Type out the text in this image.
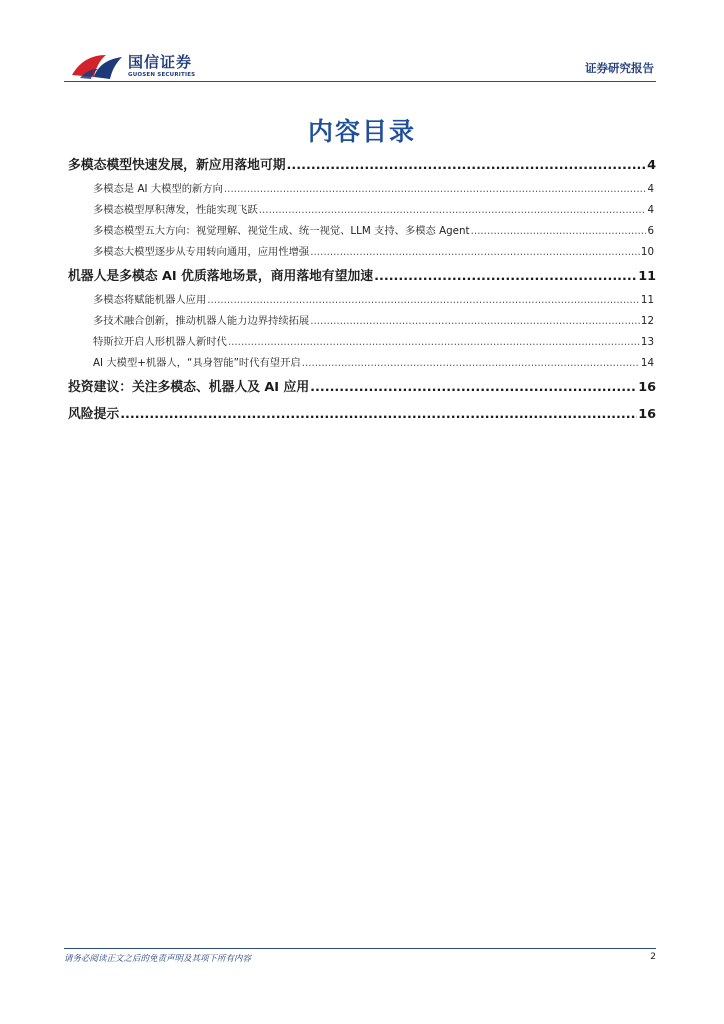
国信证券
GUOSEN SECURITIES	证券研究报告
内容目录
多模态模型快速发展，新应用落地可期 .....	4
多模态是 AI 大模型的新方向 .....	4
多模态模型厚积薄发，性能实现飞跃 .....	4
多模态模型五大方向：视觉理解、视觉生成、统一视觉、LLM 支持、多模态 Agent .....	6
多模态大模型逐步从专用转向通用，应用性增强 .....	10
机器人是多模态 AI 优质落地场景，商用落地有望加速 .....	11
多模态将赋能机器人应用 .....	11
多技术融合创新，推动机器人能力边界持续拓展 .....	12
特斯拉开启人形机器人新时代 .....	13
AI 大模型+机器人，“具身智能”时代有望开启 .....	14
投资建议：关注多模态、机器人及 AI 应用 .....	16
风险提示 .....	16
请务必阅读正文之后的免责声明及其项下所有内容	2
